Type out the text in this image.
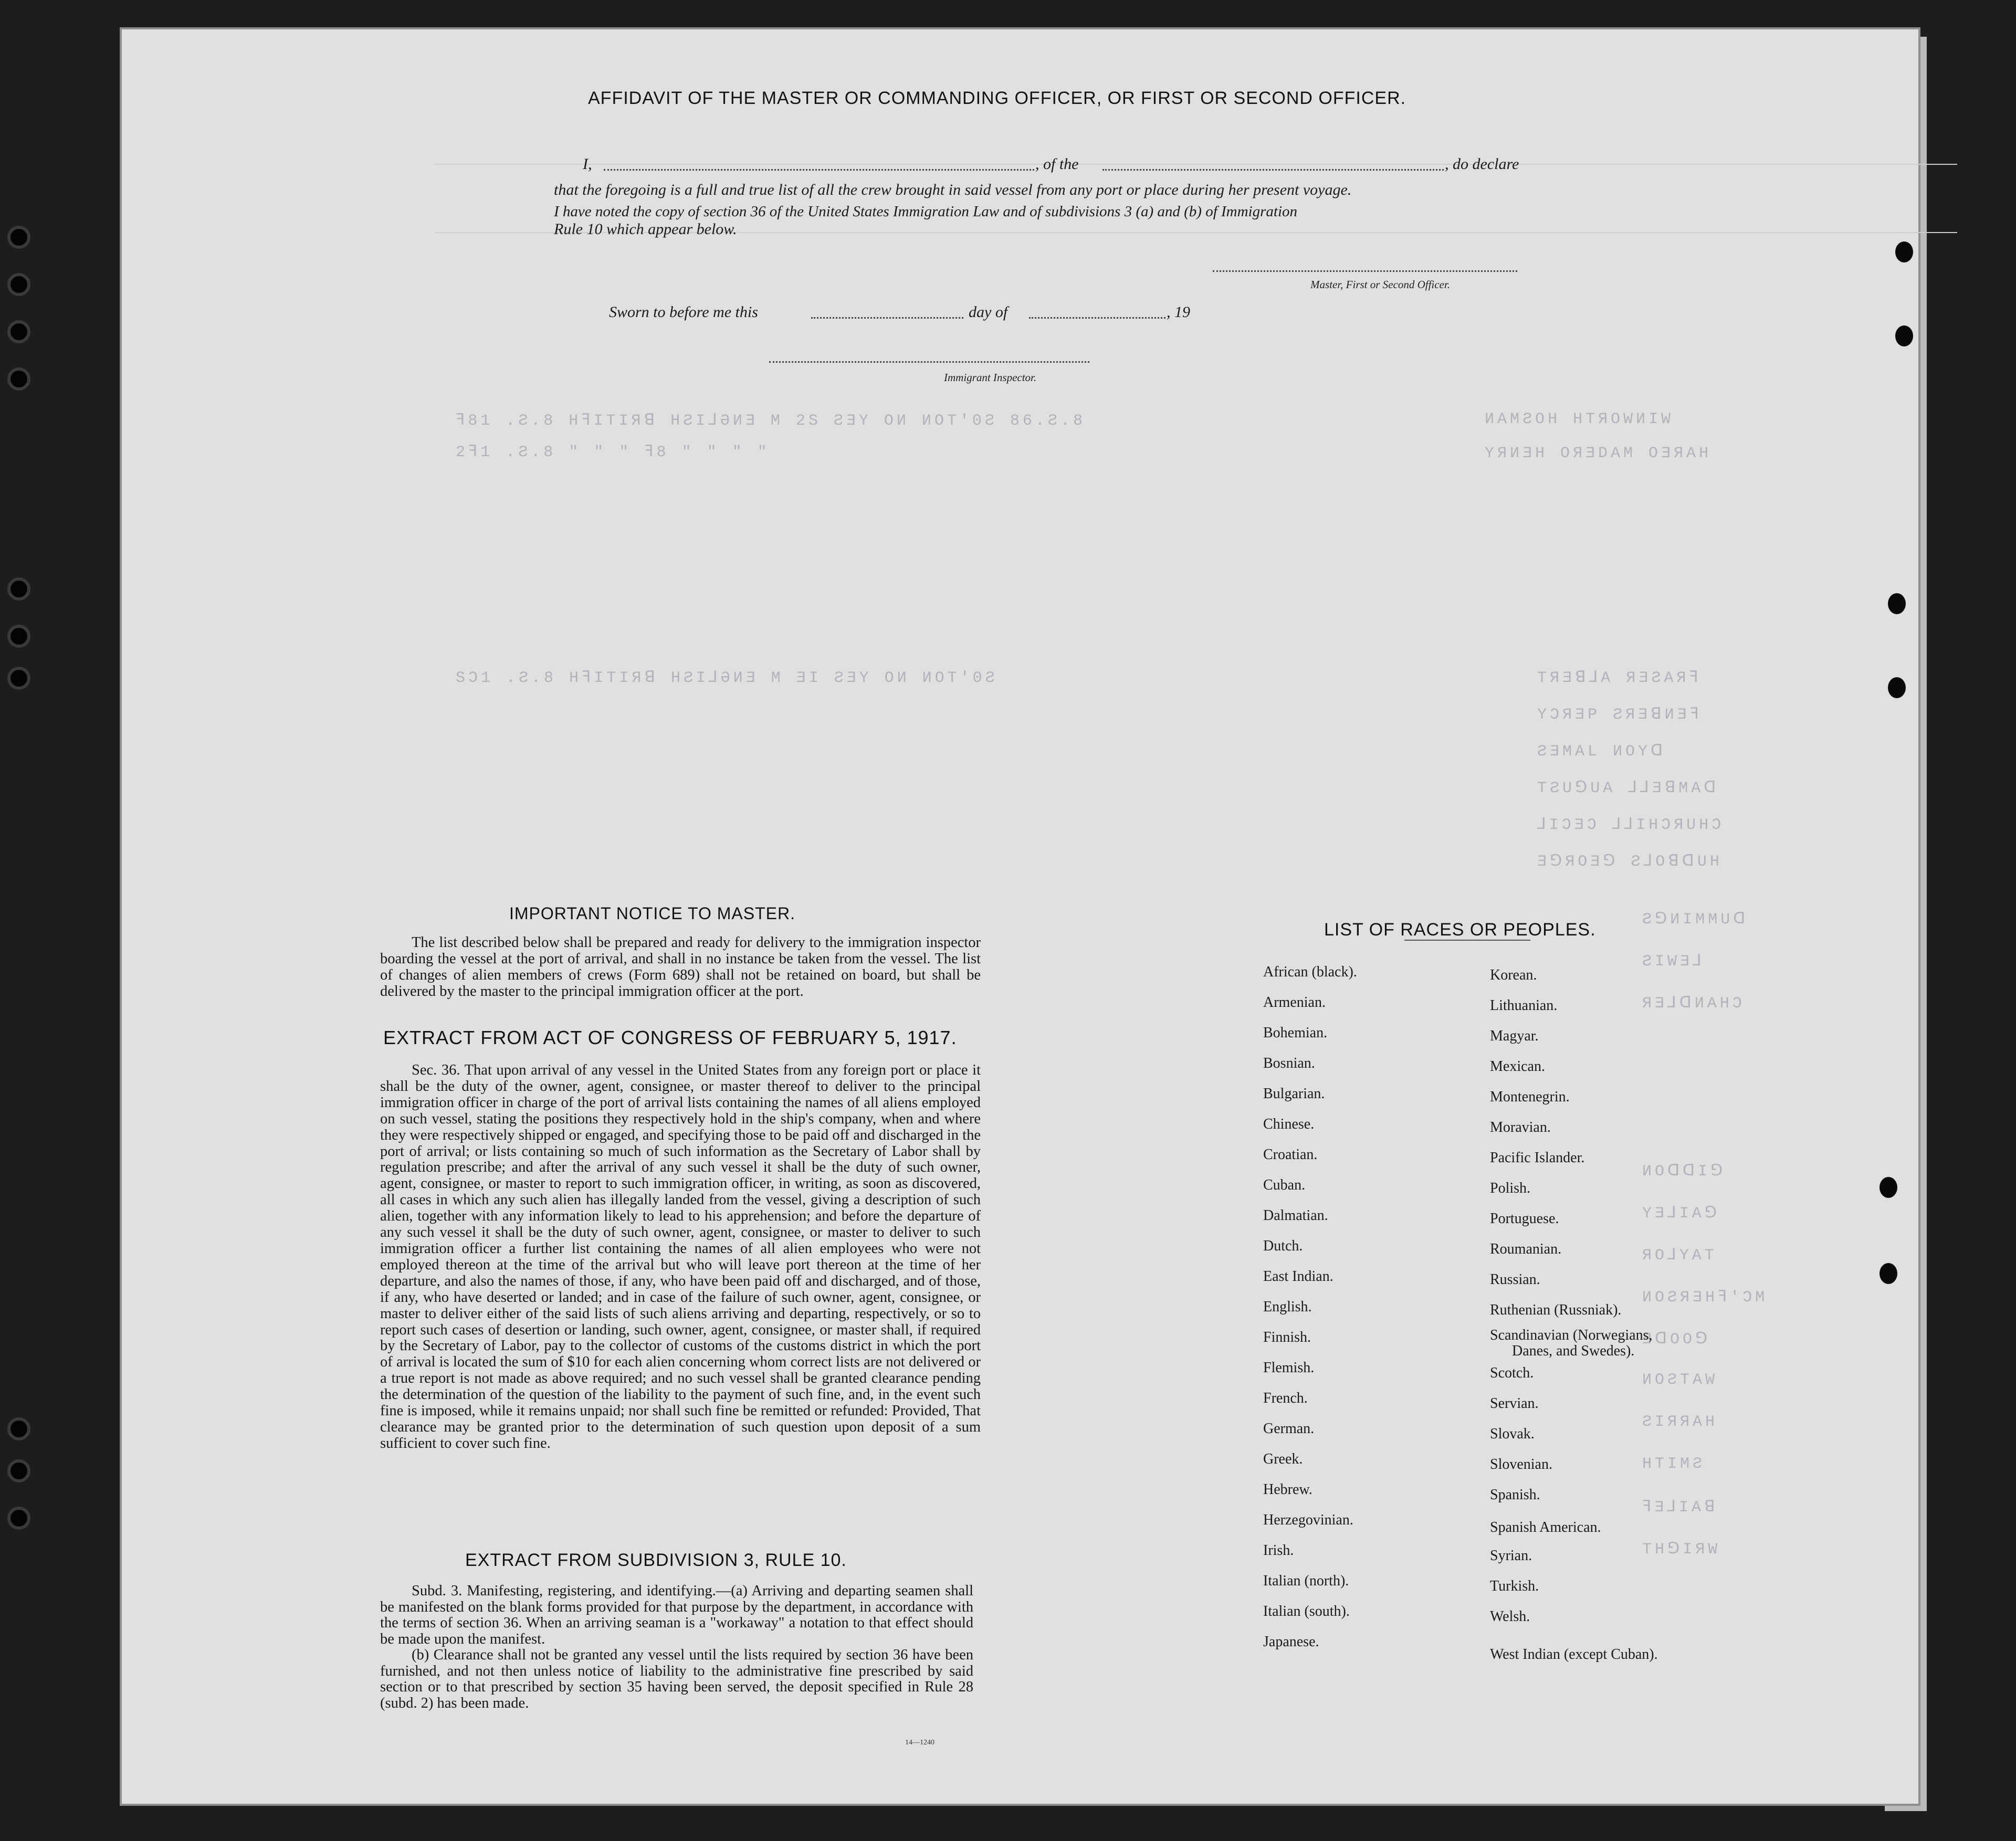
ꟻ81 .Ƨ.8 HꟻITIЯꓭ HƧI⅃ӘИƎ M 2S ƧƎY OИ ИOT'0Ƨ 86.Ƨ.8
2ꟻ1 .Ƨ.8 " " " ꟻ8 " " " "
ИAMƧOH HTЯOWИIW
YЯИƎH ОЯƎDAM ОƎЯAH
SƆ1 .Ƨ.8 HꟻITIЯꓭ HƧI⅃ӘИƎ M ƎI ƧƎY OИ ИOT'0Ƨ	TЯƎꓭ⅃A ЯƎƧAЯꟻ
YƆЯƎP ƧЯƎꓭИƎꟻ
ƧƎMAL ИOYꓷ
ТƧUꓨUA ⅃⅃ƎꓭMAꓷ
⅃IƆƎƆ ⅃⅃IHƆЯUHƆ
ƎꓨЯOƎꓨ Ƨ⅃OꓭꓷUH
ƧꓨИIMMUꓷ
ƧIWƎ⅃
ЯƎ⅃ꓷИAHƆ
ИOꓷꓷIꓨ
YƎ⅃IAꓨ
ЯO⅃YAT
ИOƧЯƎHꟻ'ƆM
ƎꓷOOꓨ
ИOƧTAW
ƧIЯЯAH
HTIMƧ
ꟻƎ⅃IAꓭ
THꓨIЯW
AFFIDAVIT OF THE MASTER OR COMMANDING OFFICER, OR FIRST OR SECOND OFFICER.
I,	, of the	, do declare
that the foregoing is a full and true list of all the crew brought in said vessel from any port or place during her present voyage.
I have noted the copy of section 36 of the United States Immigration Law and of subdivisions 3 (a) and (b) of Immigration
Rule 10 which appear below.
Master, First or Second Officer.
Sworn to before me this	day of	, 19
Immigrant Inspector.
IMPORTANT NOTICE TO MASTER.

The list described below shall be prepared and ready for delivery to the immigration inspector boarding the vessel at the port of arrival, and shall in no instance be taken from the vessel. The list of changes of alien members of crews (Form 689) shall not be retained on board, but shall be delivered by the master to the principal immigration officer at the port.

EXTRACT FROM ACT OF CONGRESS OF FEBRUARY 5, 1917.

Sec. 36. That upon arrival of any vessel in the United States from any foreign port or place it shall be the duty of the owner, agent, consignee, or master thereof to deliver to the principal immigration officer in charge of the port of arrival lists containing the names of all aliens employed on such vessel, stating the positions they respectively hold in the ship's company, when and where they were respectively shipped or engaged, and specifying those to be paid off and discharged in the port of arrival; or lists containing so much of such information as the Secretary of Labor shall by regulation prescribe; and after the arrival of any such vessel it shall be the duty of such owner, agent, consignee, or master to report to such immigration officer, in writing, as soon as discovered, all cases in which any such alien has illegally landed from the vessel, giving a description of such alien, together with any information likely to lead to his apprehension; and before the departure of any such vessel it shall be the duty of such owner, agent, consignee, or master to deliver to such immigration officer a further list containing the names of all alien employees who were not employed thereon at the time of the arrival but who will leave port thereon at the time of her departure, and also the names of those, if any, who have been paid off and discharged, and of those, if any, who have deserted or landed; and in case of the failure of such owner, agent, consignee, or master to deliver either of the said lists of such aliens arriving and departing, respectively, or so to report such cases of desertion or landing, such owner, agent, consignee, or master shall, if required by the Secretary of Labor, pay to the collector of customs of the customs district in which the port of arrival is located the sum of $10 for each alien concerning whom correct lists are not delivered or a true report is not made as above required; and no such vessel shall be granted clearance pending the determination of the question of the liability to the payment of such fine, and, in the event such fine is imposed, while it remains unpaid; nor shall such fine be remitted or refunded: Provided, That clearance may be granted prior to the determination of such question upon deposit of a sum sufficient to cover such fine.

EXTRACT FROM SUBDIVISION 3, RULE 10.

Subd. 3. Manifesting, registering, and identifying.—(a) Arriving and departing seamen shall be manifested on the blank forms provided for that purpose by the department, in accordance with the terms of section 36. When an arriving seaman is a "workaway" a notation to that effect should be made upon the manifest.

(b) Clearance shall not be granted any vessel until the lists required by section 36 have been furnished, and not then unless notice of liability to the administrative fine prescribed by said section or to that prescribed by section 35 having been served, the deposit specified in Rule 28 (subd. 2) has been made.

14—1240
LIST OF RACES OR PEOPLES.
African (black).
Armenian.
Bohemian.
Bosnian.
Bulgarian.
Chinese.
Croatian.
Cuban.
Dalmatian.
Dutch.
East Indian.
English.
Finnish.
Flemish.
French.
German.
Greek.
Hebrew.
Herzegovinian.
Irish.
Italian (north).
Italian (south).
Japanese.
Korean.
Lithuanian.
Magyar.
Mexican.
Montenegrin.
Moravian.
Pacific Islander.
Polish.
Portuguese.
Roumanian.
Russian.
Ruthenian (Russniak).
Scandinavian (Norwegians,
Danes, and Swedes).
Scotch.
Servian.
Slovak.
Slovenian.
Spanish.
Spanish American.
Syrian.
Turkish.
Welsh.
West Indian (except Cuban).
